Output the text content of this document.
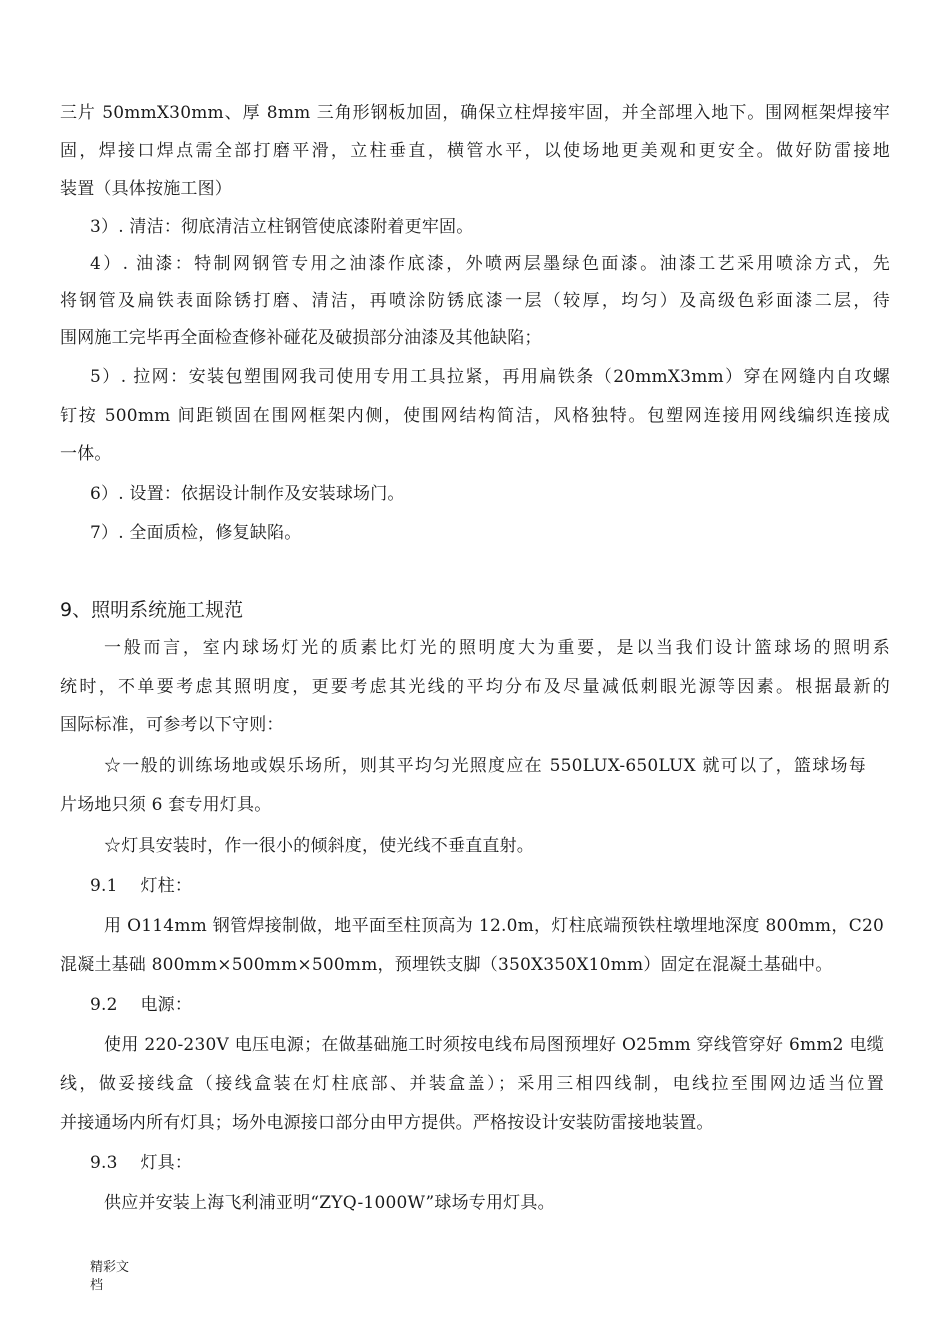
三片 50mmX30mm、厚 8mm 三角形钢板加固，确保立柱焊接牢固，并全部埋入地下。围网框架焊接牢
固，焊接口焊点需全部打磨平滑，立柱垂直，横管水平，以使场地更美观和更安全。做好防雷接地
装置（具体按施工图）
3）. 清洁：彻底清洁立柱钢管使底漆附着更牢固。
4）. 油漆：特制网钢管专用之油漆作底漆，外喷两层墨绿色面漆。油漆工艺采用喷涂方式，先
将钢管及扁铁表面除锈打磨、清洁，再喷涂防锈底漆一层（较厚，均匀）及高级色彩面漆二层，待
围网施工完毕再全面检查修补碰花及破损部分油漆及其他缺陷；
5）. 拉网：安装包塑围网我司使用专用工具拉紧，再用扁铁条（20mmX3mm）穿在网缝内自攻螺
钉按 500mm 间距锁固在围网框架内侧，使围网结构简洁，风格独特。包塑网连接用网线编织连接成
一体。
6）. 设置：依据设计制作及安装球场门。
7）. 全面质检，修复缺陷。
9、照明系统施工规范
一般而言，室内球场灯光的质素比灯光的照明度大为重要，是以当我们设计篮球场的照明系
统时，不单要考虑其照明度，更要考虑其光线的平均分布及尽量减低刺眼光源等因素。根据最新的
国际标准，可参考以下守则：
☆一般的训练场地或娱乐场所，则其平均匀光照度应在 550LUX-650LUX 就可以了，篮球场每
片场地只须 6 套专用灯具。
☆灯具安装时，作一很小的倾斜度，使光线不垂直直射。
9.1　 灯柱：
用 O114mm 钢管焊接制做，地平面至柱顶高为 12.0m，灯柱底端预铁柱墩埋地深度 800mm，C20
混凝土基础 800mm×500mm×500mm，预埋铁支脚（350X350X10mm）固定在混凝土基础中。
9.2　 电源：
使用 220-230V 电压电源；在做基础施工时须按电线布局图预埋好 O25mm 穿线管穿好 6mm2 电缆
线，做妥接线盒（接线盒装在灯柱底部、并装盒盖）；采用三相四线制，电线拉至围网边适当位置
并接通场内所有灯具；场外电源接口部分由甲方提供。严格按设计安装防雷接地装置。
9.3　 灯具：
供应并安装上海飞利浦亚明“ZYQ-1000W”球场专用灯具。
精彩文
档
